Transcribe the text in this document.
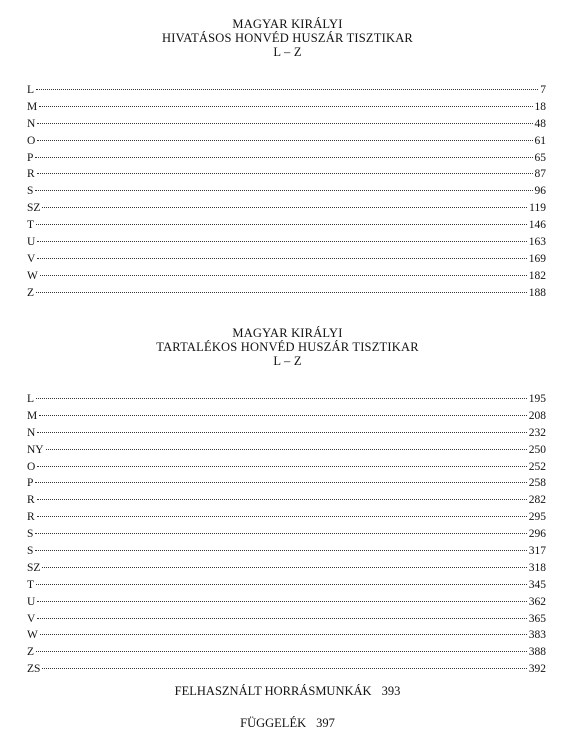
MAGYAR KIRÁLYI
HIVATÁSOS HONVÉD HUSZÁR TISZTIKAR
L – Z
L	7
M	18
N	48
O	61
P	65
R	87
S	96
SZ	119
T	146
U	163
V	169
W	182
Z	188
MAGYAR KIRÁLYI
TARTALÉKOS HONVÉD HUSZÁR TISZTIKAR
L – Z
L	195
M	208
N	232
NY	250
O	252
P	258
R	282
R	295
S	296
S	317
SZ	318
T	345
U	362
V	365
W	383
Z	388
ZS	392
FELHASZNÁLT HORRÁSMUNKÁK 393
FÜGGELÉK 397
